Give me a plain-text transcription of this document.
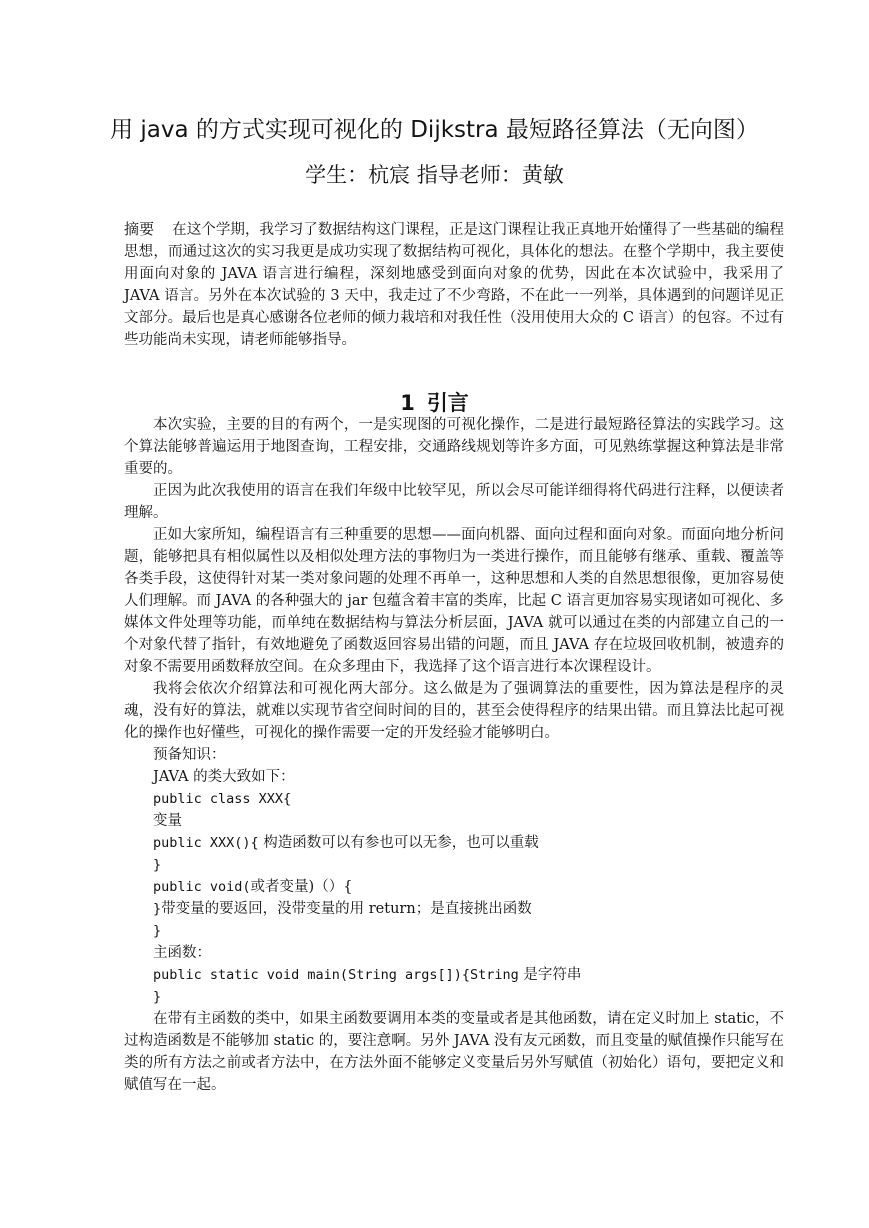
用 java 的方式实现可视化的 Dijkstra 最短路径算法（无向图）
学生：杭宸 指导老师：黄敏

摘要 在这个学期，我学习了数据结构这门课程，正是这门课程让我正真地开始懂得了一些基础的编程思想，而通过这次的实习我更是成功实现了数据结构可视化，具体化的想法。在整个学期中，我主要使用面向对象的 JAVA 语言进行编程，深刻地感受到面向对象的优势，因此在本次试验中，我采用了 JAVA 语言。另外在本次试验的 3 天中，我走过了不少弯路，不在此一一列举，具体遇到的问题详见正文部分。最后也是真心感谢各位老师的倾力栽培和对我任性（没用使用大众的 C 语言）的包容。不过有些功能尚未实现，请老师能够指导。

1 引言

本次实验，主要的目的有两个，一是实现图的可视化操作，二是进行最短路径算法的实践学习。这个算法能够普遍运用于地图查询，工程安排，交通路线规划等许多方面，可见熟练掌握这种算法是非常重要的。

正因为此次我使用的语言在我们年级中比较罕见，所以会尽可能详细得将代码进行注释，以便读者理解。

正如大家所知，编程语言有三种重要的思想——面向机器、面向过程和面向对象。而面向地分析问题，能够把具有相似属性以及相似处理方法的事物归为一类进行操作，而且能够有继承、重载、覆盖等各类手段，这使得针对某一类对象问题的处理不再单一，这种思想和人类的自然思想很像，更加容易使人们理解。而 JAVA 的各种强大的 jar 包蕴含着丰富的类库，比起 C 语言更加容易实现诸如可视化、多媒体文件处理等功能，而单纯在数据结构与算法分析层面，JAVA 就可以通过在类的内部建立自己的一个对象代替了指针，有效地避免了函数返回容易出错的问题，而且 JAVA 存在垃圾回收机制，被遗弃的对象不需要用函数释放空间。在众多理由下，我选择了这个语言进行本次课程设计。

我将会依次介绍算法和可视化两大部分。这么做是为了强调算法的重要性，因为算法是程序的灵魂，没有好的算法，就难以实现节省空间时间的目的，甚至会使得程序的结果出错。而且算法比起可视化的操作也好懂些，可视化的操作需要一定的开发经验才能够明白。

预备知识：

JAVA 的类大致如下：

public class XXX{

变量

public XXX(){ 构造函数可以有参也可以无参，也可以重载

}

public void(或者变量)（）{

}带变量的要返回，没带变量的用 return；是直接挑出函数

}

主函数：

public static void main(String args[]){String 是字符串

}

在带有主函数的类中，如果主函数要调用本类的变量或者是其他函数，请在定义时加上 static，不过构造函数是不能够加 static 的，要注意啊。另外 JAVA 没有友元函数，而且变量的赋值操作只能写在类的所有方法之前或者方法中，在方法外面不能够定义变量后另外写赋值（初始化）语句，要把定义和赋值写在一起。
